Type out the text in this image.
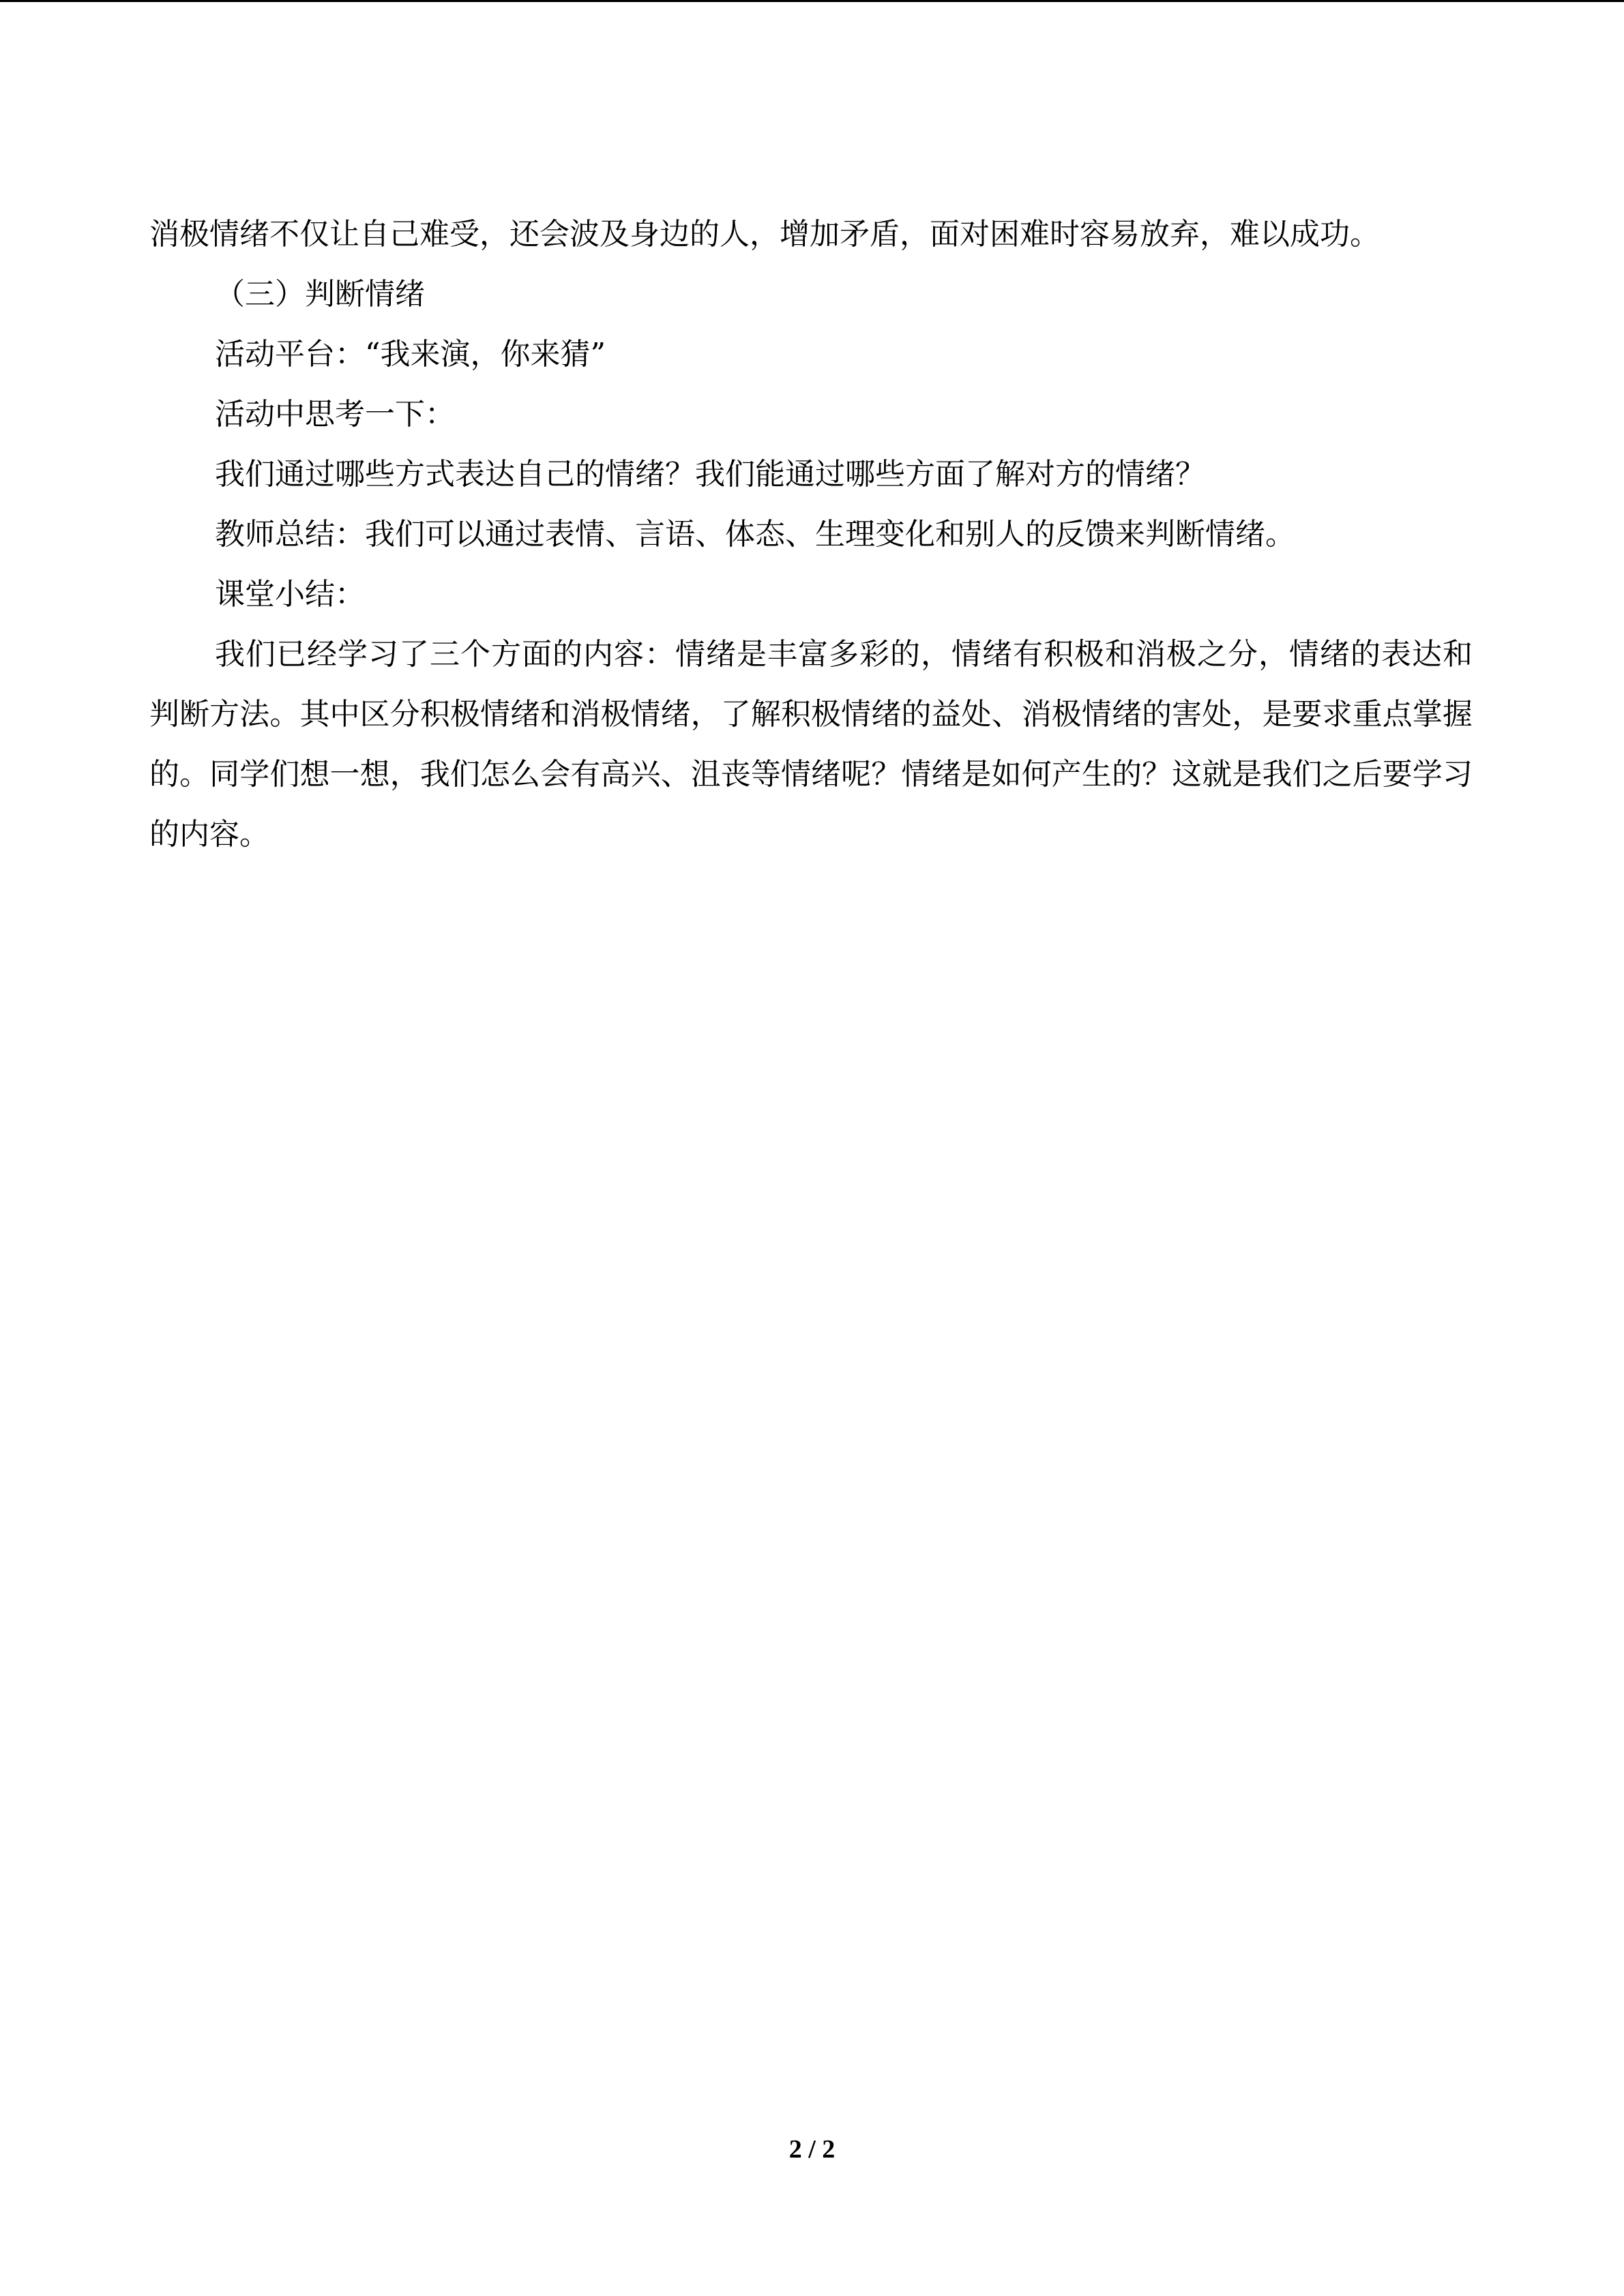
消极情绪不仅让自己难受，还会波及身边的人，增加矛盾，面对困难时容易放弃，难以成功。

（三）判断情绪

活动平台：“我来演，你来猜”

活动中思考一下：

我们通过哪些方式表达自己的情绪？我们能通过哪些方面了解对方的情绪？

教师总结：我们可以通过表情、言语、体态、生理变化和别人的反馈来判断情绪。

课堂小结：

我们已经学习了三个方面的内容：情绪是丰富多彩的，情绪有积极和消极之分，情绪的表达和判断方法。其中区分积极情绪和消极情绪，了解积极情绪的益处、消极情绪的害处，是要求重点掌握的。同学们想一想，我们怎么会有高兴、沮丧等情绪呢？情绪是如何产生的？这就是我们之后要学习的内容。

2 / 2
